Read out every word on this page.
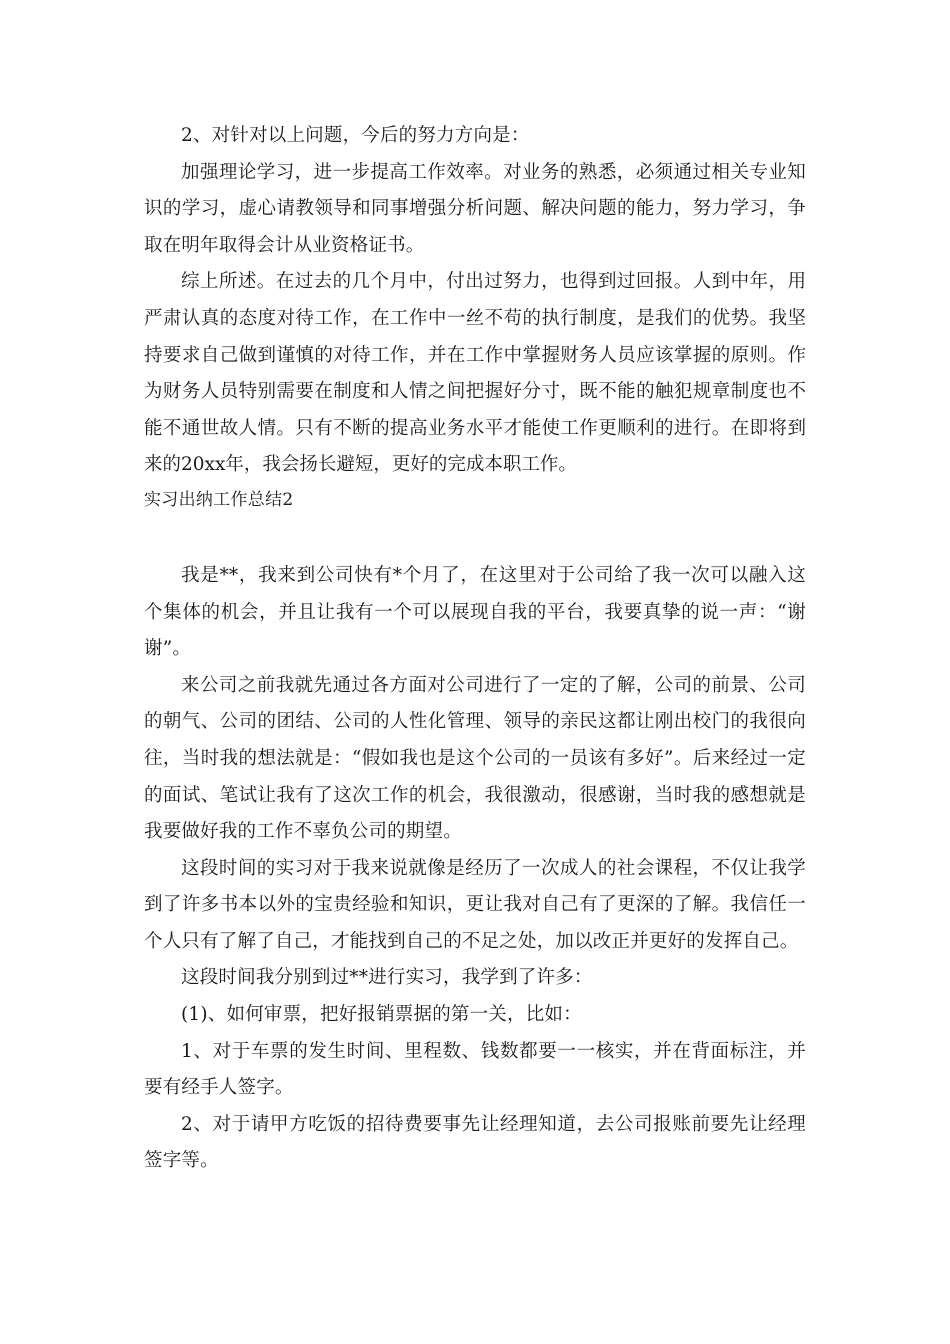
2、对针对以上问题，今后的努力方向是：

加强理论学习，进一步提高工作效率。对业务的熟悉，必须通过相关专业知识的学习，虚心请教领导和同事增强分析问题、解决问题的能力，努力学习，争取在明年取得会计从业资格证书。

综上所述。在过去的几个月中，付出过努力，也得到过回报。人到中年，用严肃认真的态度对待工作，在工作中一丝不苟的执行制度，是我们的优势。我坚持要求自己做到谨慎的对待工作，并在工作中掌握财务人员应该掌握的原则。作为财务人员特别需要在制度和人情之间把握好分寸，既不能的触犯规章制度也不能不通世故人情。只有不断的提高业务水平才能使工作更顺利的进行。在即将到来的20xx年，我会扬长避短，更好的完成本职工作。

实习出纳工作总结2

我是**，我来到公司快有*个月了，在这里对于公司给了我一次可以融入这个集体的机会，并且让我有一个可以展现自我的平台，我要真挚的说一声：“谢谢”。

来公司之前我就先通过各方面对公司进行了一定的了解，公司的前景、公司的朝气、公司的团结、公司的人性化管理、领导的亲民这都让刚出校门的我很向往，当时我的想法就是：“假如我也是这个公司的一员该有多好”。后来经过一定的面试、笔试让我有了这次工作的机会，我很激动，很感谢，当时我的感想就是我要做好我的工作不辜负公司的期望。

这段时间的实习对于我来说就像是经历了一次成人的社会课程，不仅让我学到了许多书本以外的宝贵经验和知识，更让我对自己有了更深的了解。我信任一个人只有了解了自己，才能找到自己的不足之处，加以改正并更好的发挥自己。

这段时间我分别到过**进行实习，我学到了许多：

(1)、如何审票，把好报销票据的第一关，比如：

1、对于车票的发生时间、里程数、钱数都要一一核实，并在背面标注，并要有经手人签字。

2、对于请甲方吃饭的招待费要事先让经理知道，去公司报账前要先让经理签字等。
